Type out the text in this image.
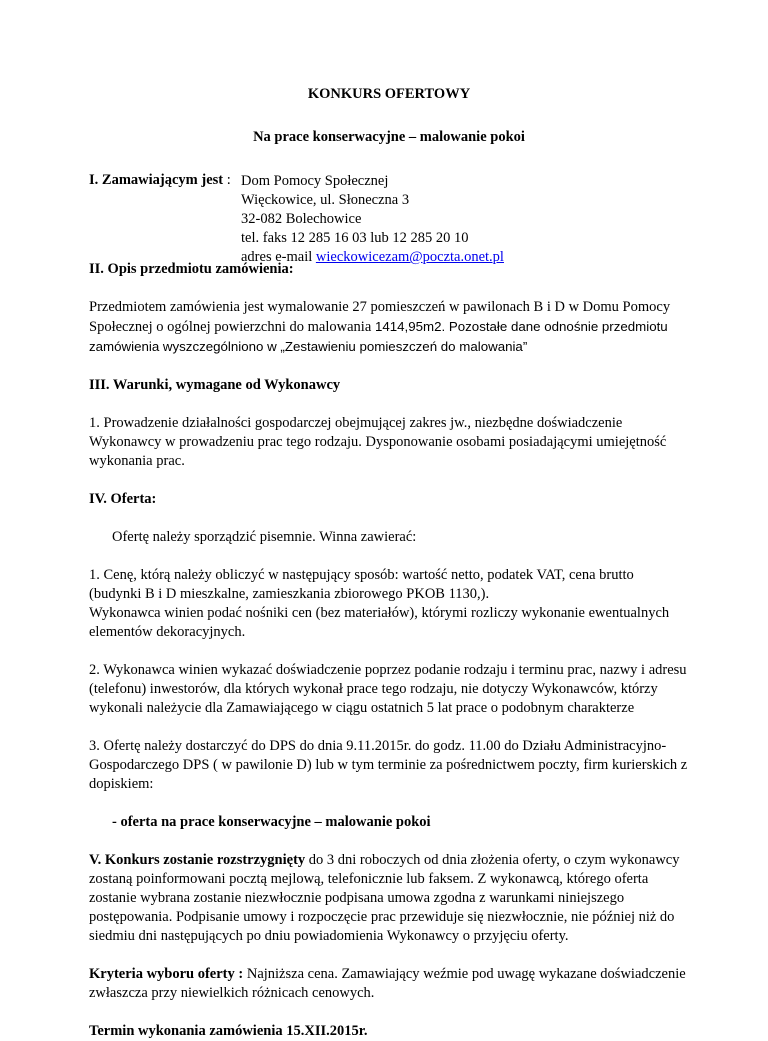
KONKURS OFERTOWY
Na prace konserwacyjne – malowanie pokoi
I. Zamawiającym jest : Dom Pomocy Społecznej
Więckowice, ul. Słoneczna 3
32-082 Bolechowice
tel. faks 12 285 16 03 lub 12 285 20 10
adres e-mail wieckowicezam@poczta.onet.pl
II. Opis przedmiotu zamówienia:
Przedmiotem zamówienia jest wymalowanie 27 pomieszczeń w pawilonach B i D w Domu Pomocy Społecznej o ogólnej powierzchni do malowania 1414,95m2. Pozostałe dane odnośnie przedmiotu zamówienia wyszczególniono w „Zestawieniu pomieszczeń do malowania”
III. Warunki, wymagane od Wykonawcy
1. Prowadzenie działalności gospodarczej obejmującej zakres jw., niezbędne doświadczenie Wykonawcy w prowadzeniu prac tego rodzaju. Dysponowanie osobami posiadającymi umiejętność wykonania prac.
IV. Oferta:
Ofertę należy sporządzić pisemnie. Winna zawierać:
1. Cenę, którą należy obliczyć w następujący sposób: wartość netto, podatek VAT, cena brutto (budynki B i D mieszkalne, zamieszkania zbiorowego PKOB 1130,).
Wykonawca winien podać nośniki cen (bez materiałów), którymi rozliczy wykonanie ewentualnych elementów dekoracyjnych.
2. Wykonawca winien wykazać doświadczenie poprzez podanie rodzaju i terminu prac, nazwy i adresu (telefonu) inwestorów, dla których wykonał prace tego rodzaju, nie dotyczy Wykonawców, którzy wykonali należycie dla Zamawiającego w ciągu ostatnich 5 lat prace o podobnym charakterze
3. Ofertę należy dostarczyć do DPS do dnia 9.11.2015r. do godz. 11.00 do Działu Administracyjno-Gospodarczego DPS ( w pawilonie D) lub w tym terminie za pośrednictwem poczty, firm kurierskich z dopiskiem:
- oferta na prace konserwacyjne – malowanie pokoi
V. Konkurs zostanie rozstrzygnięty do 3 dni roboczych od dnia złożenia oferty, o czym wykonawcy zostaną poinformowani pocztą mejlową, telefonicznie lub faksem. Z wykonawcą, którego oferta zostanie wybrana zostanie niezwłocznie podpisana umowa zgodna z warunkami niniejszego postępowania. Podpisanie umowy i rozpoczęcie prac przewiduje się niezwłocznie, nie później niż do siedmiu dni następujących po dniu powiadomienia Wykonawcy o przyjęciu oferty.
Kryteria wyboru oferty : Najniższa cena. Zamawiający weźmie pod uwagę wykazane doświadczenie zwłaszcza przy niewielkich różnicach cenowych.
Termin wykonania zamówienia 15.XII.2015r.
